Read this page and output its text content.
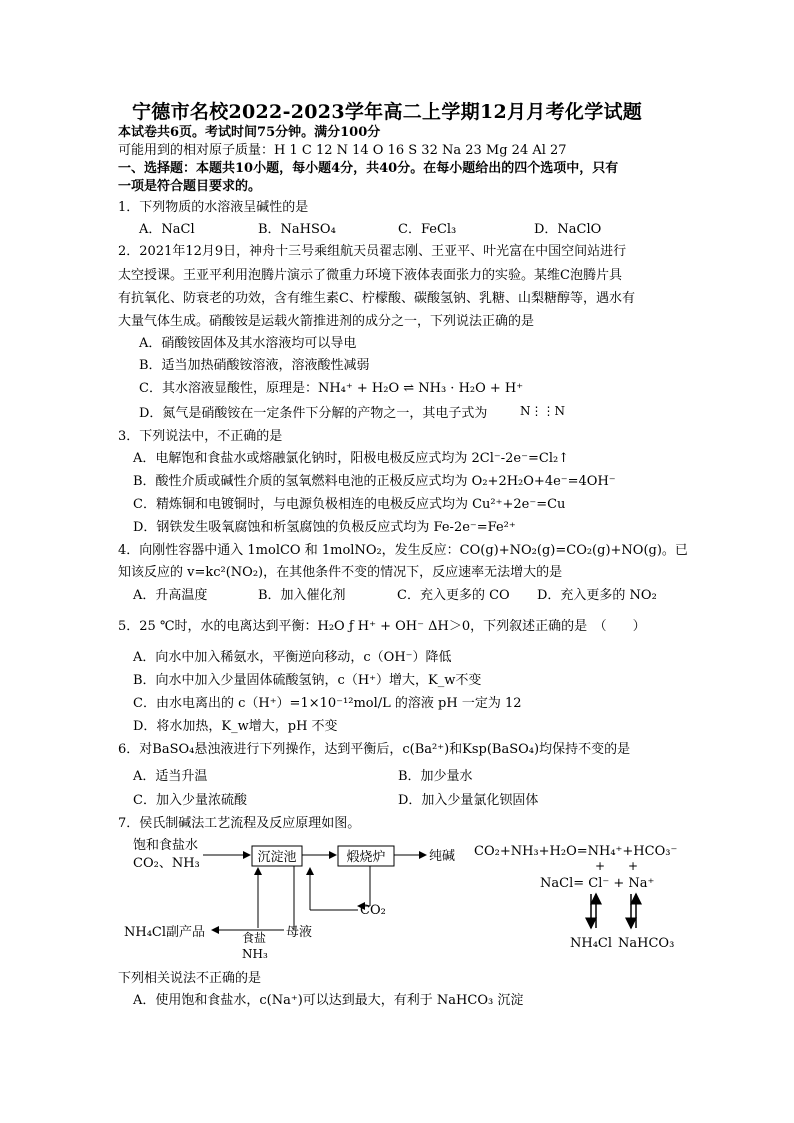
宁德市名校2022-2023学年高二上学期12月月考化学试题
本试卷共6页。考试时间75分钟。满分100分
可能用到的相对原子质量：H 1 C 12 N 14 O 16 S 32 Na 23 Mg 24 Al 27
一、选择题：本题共10小题，每小题4分，共40分。在每小题给出的四个选项中，只有
一项是符合题目要求的。
1．下列物质的水溶液呈碱性的是
A．NaCl	B．NaHSO₄	C．FeCl₃	D．NaClO
2．2021年12月9日，神舟十三号乘组航天员翟志刚、王亚平、叶光富在中国空间站进行
太空授课。王亚平利用泡腾片演示了微重力环境下液体表面张力的实验。某维C泡腾片具
有抗氧化、防衰老的功效，含有维生素C、柠檬酸、碳酸氢钠、乳糖、山梨糖醇等，遇水有
大量气体生成。硝酸铵是运载火箭推进剂的成分之一，下列说法正确的是
A．硝酸铵固体及其水溶液均可以导电
B．适当加热硝酸铵溶液，溶液酸性减弱
C．其水溶液显酸性，原理是：NH₄⁺ + H₂O ⇌ NH₃ · H₂O + H⁺
D．氮气是硝酸铵在一定条件下分解的产物之一，其电子式为	N⋮⋮N
3．下列说法中，不正确的是
A．电解饱和食盐水或熔融氯化钠时，阳极电极反应式均为 2Cl⁻-2e⁻=Cl₂↑
B．酸性介质或碱性介质的氢氧燃料电池的正极反应式均为 O₂+2H₂O+4e⁻=4OH⁻
C．精炼铜和电镀铜时，与电源负极相连的电极反应式均为 Cu²⁺+2e⁻=Cu
D．钢铁发生吸氧腐蚀和析氢腐蚀的负极反应式均为 Fe-2e⁻=Fe²⁺
4．向刚性容器中通入 1molCO 和 1molNO₂，发生反应：CO(g)+NO₂(g)=CO₂(g)+NO(g)。已
知该反应的 v=kc²(NO₂)，在其他条件不变的情况下，反应速率无法增大的是
A．升高温度	B．加入催化剂	C．充入更多的 CO D．充入更多的 NO₂
5．25 ℃时，水的电离达到平衡：H₂O ƒ H⁺ + OH⁻ ΔH＞0，下列叙述正确的是　（　　）
A．向水中加入稀氨水，平衡逆向移动，c（OH⁻）降低
B．向水中加入少量固体硫酸氢钠，c（H⁺）增大，K_w不变
C．由水电离出的 c（H⁺）=1×10⁻¹²mol/L 的溶液 pH 一定为 12
D．将水加热，K_w增大，pH 不变
6．对BaSO₄悬浊液进行下列操作，达到平衡后，c(Ba²⁺)和Ksp(BaSO₄)均保持不变的是
A．适当升温	B．加少量水
C．加入少量浓硫酸	D．加入少量氯化钡固体
7．侯氏制碱法工艺流程及反应原理如图。
饱和食盐水
CO₂、NH₃	沉淀池	煅烧炉	纯碱
CO₂
母液
NH₄Cl副产品	食盐
NH₃
CO₂+NH₃+H₂O=NH₄⁺+HCO₃⁻
+ +
NaCl= Cl⁻ + Na⁺
NH₄Cl NaHCO₃
下列相关说法不正确的是
A．使用饱和食盐水，c(Na⁺)可以达到最大，有利于 NaHCO₃ 沉淀
